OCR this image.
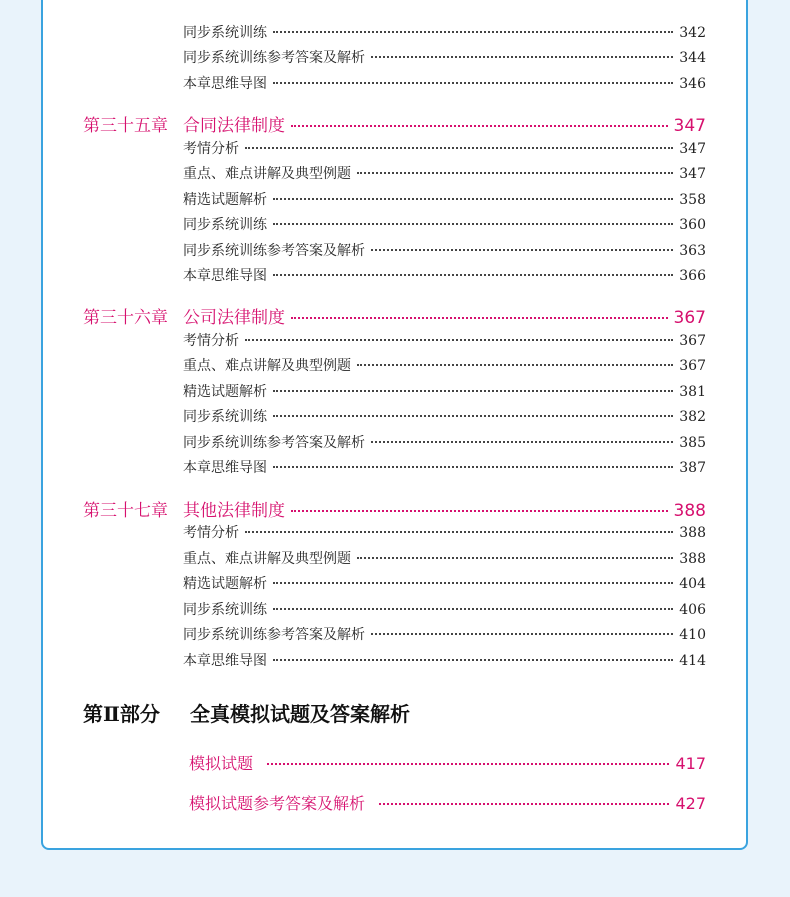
同步系统训练	342
同步系统训练参考答案及解析	344
本章思维导图	346
第三十五章 合同法律制度	347
考情分析	347
重点、难点讲解及典型例题	347
精选试题解析	358
同步系统训练	360
同步系统训练参考答案及解析	363
本章思维导图	366
第三十六章 公司法律制度	367
考情分析	367
重点、难点讲解及典型例题	367
精选试题解析	381
同步系统训练	382
同步系统训练参考答案及解析	385
本章思维导图	387
第三十七章 其他法律制度	388
考情分析	388
重点、难点讲解及典型例题	388
精选试题解析	404
同步系统训练	406
同步系统训练参考答案及解析	410
本章思维导图	414
第Ⅱ部分 全真模拟试题及答案解析
模拟试题	417
模拟试题参考答案及解析	427
